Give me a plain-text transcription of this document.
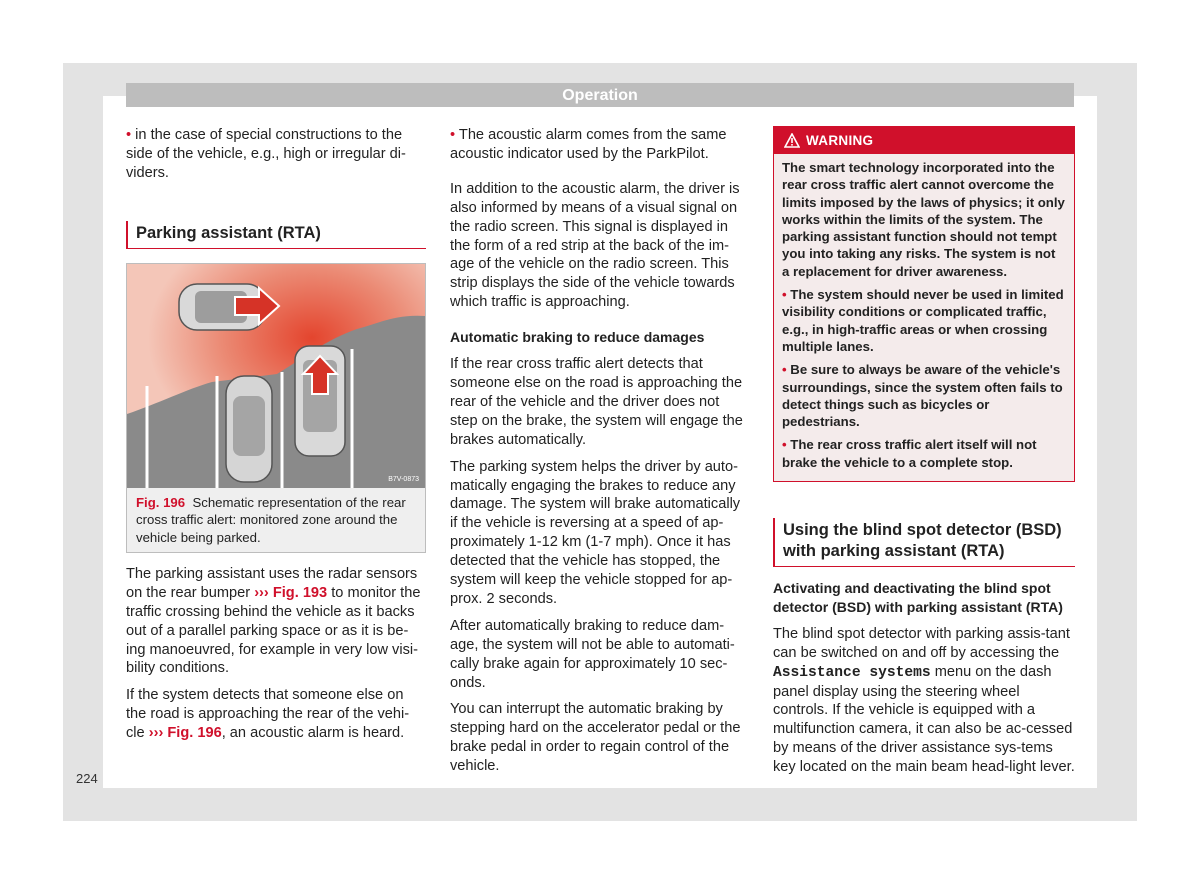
Operation

• in the case of special constructions to the side of the vehicle, e.g., high or irregular di-viders.

Parking assistant (RTA)
B7V-0873
Fig. 196 Schematic representation of the rear cross traffic alert: monitored zone around the vehicle being parked.

The parking assistant uses the radar sensors on the rear bumper ››› Fig. 193 to monitor the traffic crossing behind the vehicle as it backs out of a parallel parking space or as it is be-ing manoeuvred, for example in very low visi-bility conditions.

If the system detects that someone else on the road is approaching the rear of the vehi-cle ››› Fig. 196, an acoustic alarm is heard.

• The acoustic alarm comes from the same acoustic indicator used by the ParkPilot.

In addition to the acoustic alarm, the driver is also informed by means of a visual signal on the radio screen. This signal is displayed in the form of a red strip at the back of the im-age of the vehicle on the radio screen. This strip displays the side of the vehicle towards which traffic is approaching.

Automatic braking to reduce damages

If the rear cross traffic alert detects that someone else on the road is approaching the rear of the vehicle and the driver does not step on the brake, the system will engage the brakes automatically.

The parking system helps the driver by auto-matically engaging the brakes to reduce any damage. The system will brake automatically if the vehicle is reversing at a speed of ap-proximately 1-12 km (1-7 mph). Once it has detected that the vehicle has stopped, the system will keep the vehicle stopped for ap-prox. 2 seconds.

After automatically braking to reduce dam-age, the system will not be able to automati-cally brake again for approximately 10 sec-onds.

You can interrupt the automatic braking by stepping hard on the accelerator pedal or the brake pedal in order to regain control of the vehicle.

WARNING

The smart technology incorporated into the rear cross traffic alert cannot overcome the limits imposed by the laws of physics; it only works within the limits of the system. The parking assistant function should not tempt you into taking any risks. The system is not a replacement for driver awareness.

• The system should never be used in limited visibility conditions or complicated traffic, e.g., in high-traffic areas or when crossing multiple lanes.

• Be sure to always be aware of the vehicle's surroundings, since the system often fails to detect things such as bicycles or pedestrians.

• The rear cross traffic alert itself will not brake the vehicle to a complete stop.

Using the blind spot detector (BSD) with parking assistant (RTA)

Activating and deactivating the blind spot detector (BSD) with parking assistant (RTA)

The blind spot detector with parking assis-tant can be switched on and off by accessing the Assistance systems menu on the dash panel display using the steering wheel controls. If the vehicle is equipped with a multifunction camera, it can also be ac-cessed by means of the driver assistance sys-tems key located on the main beam head-light lever.

224
